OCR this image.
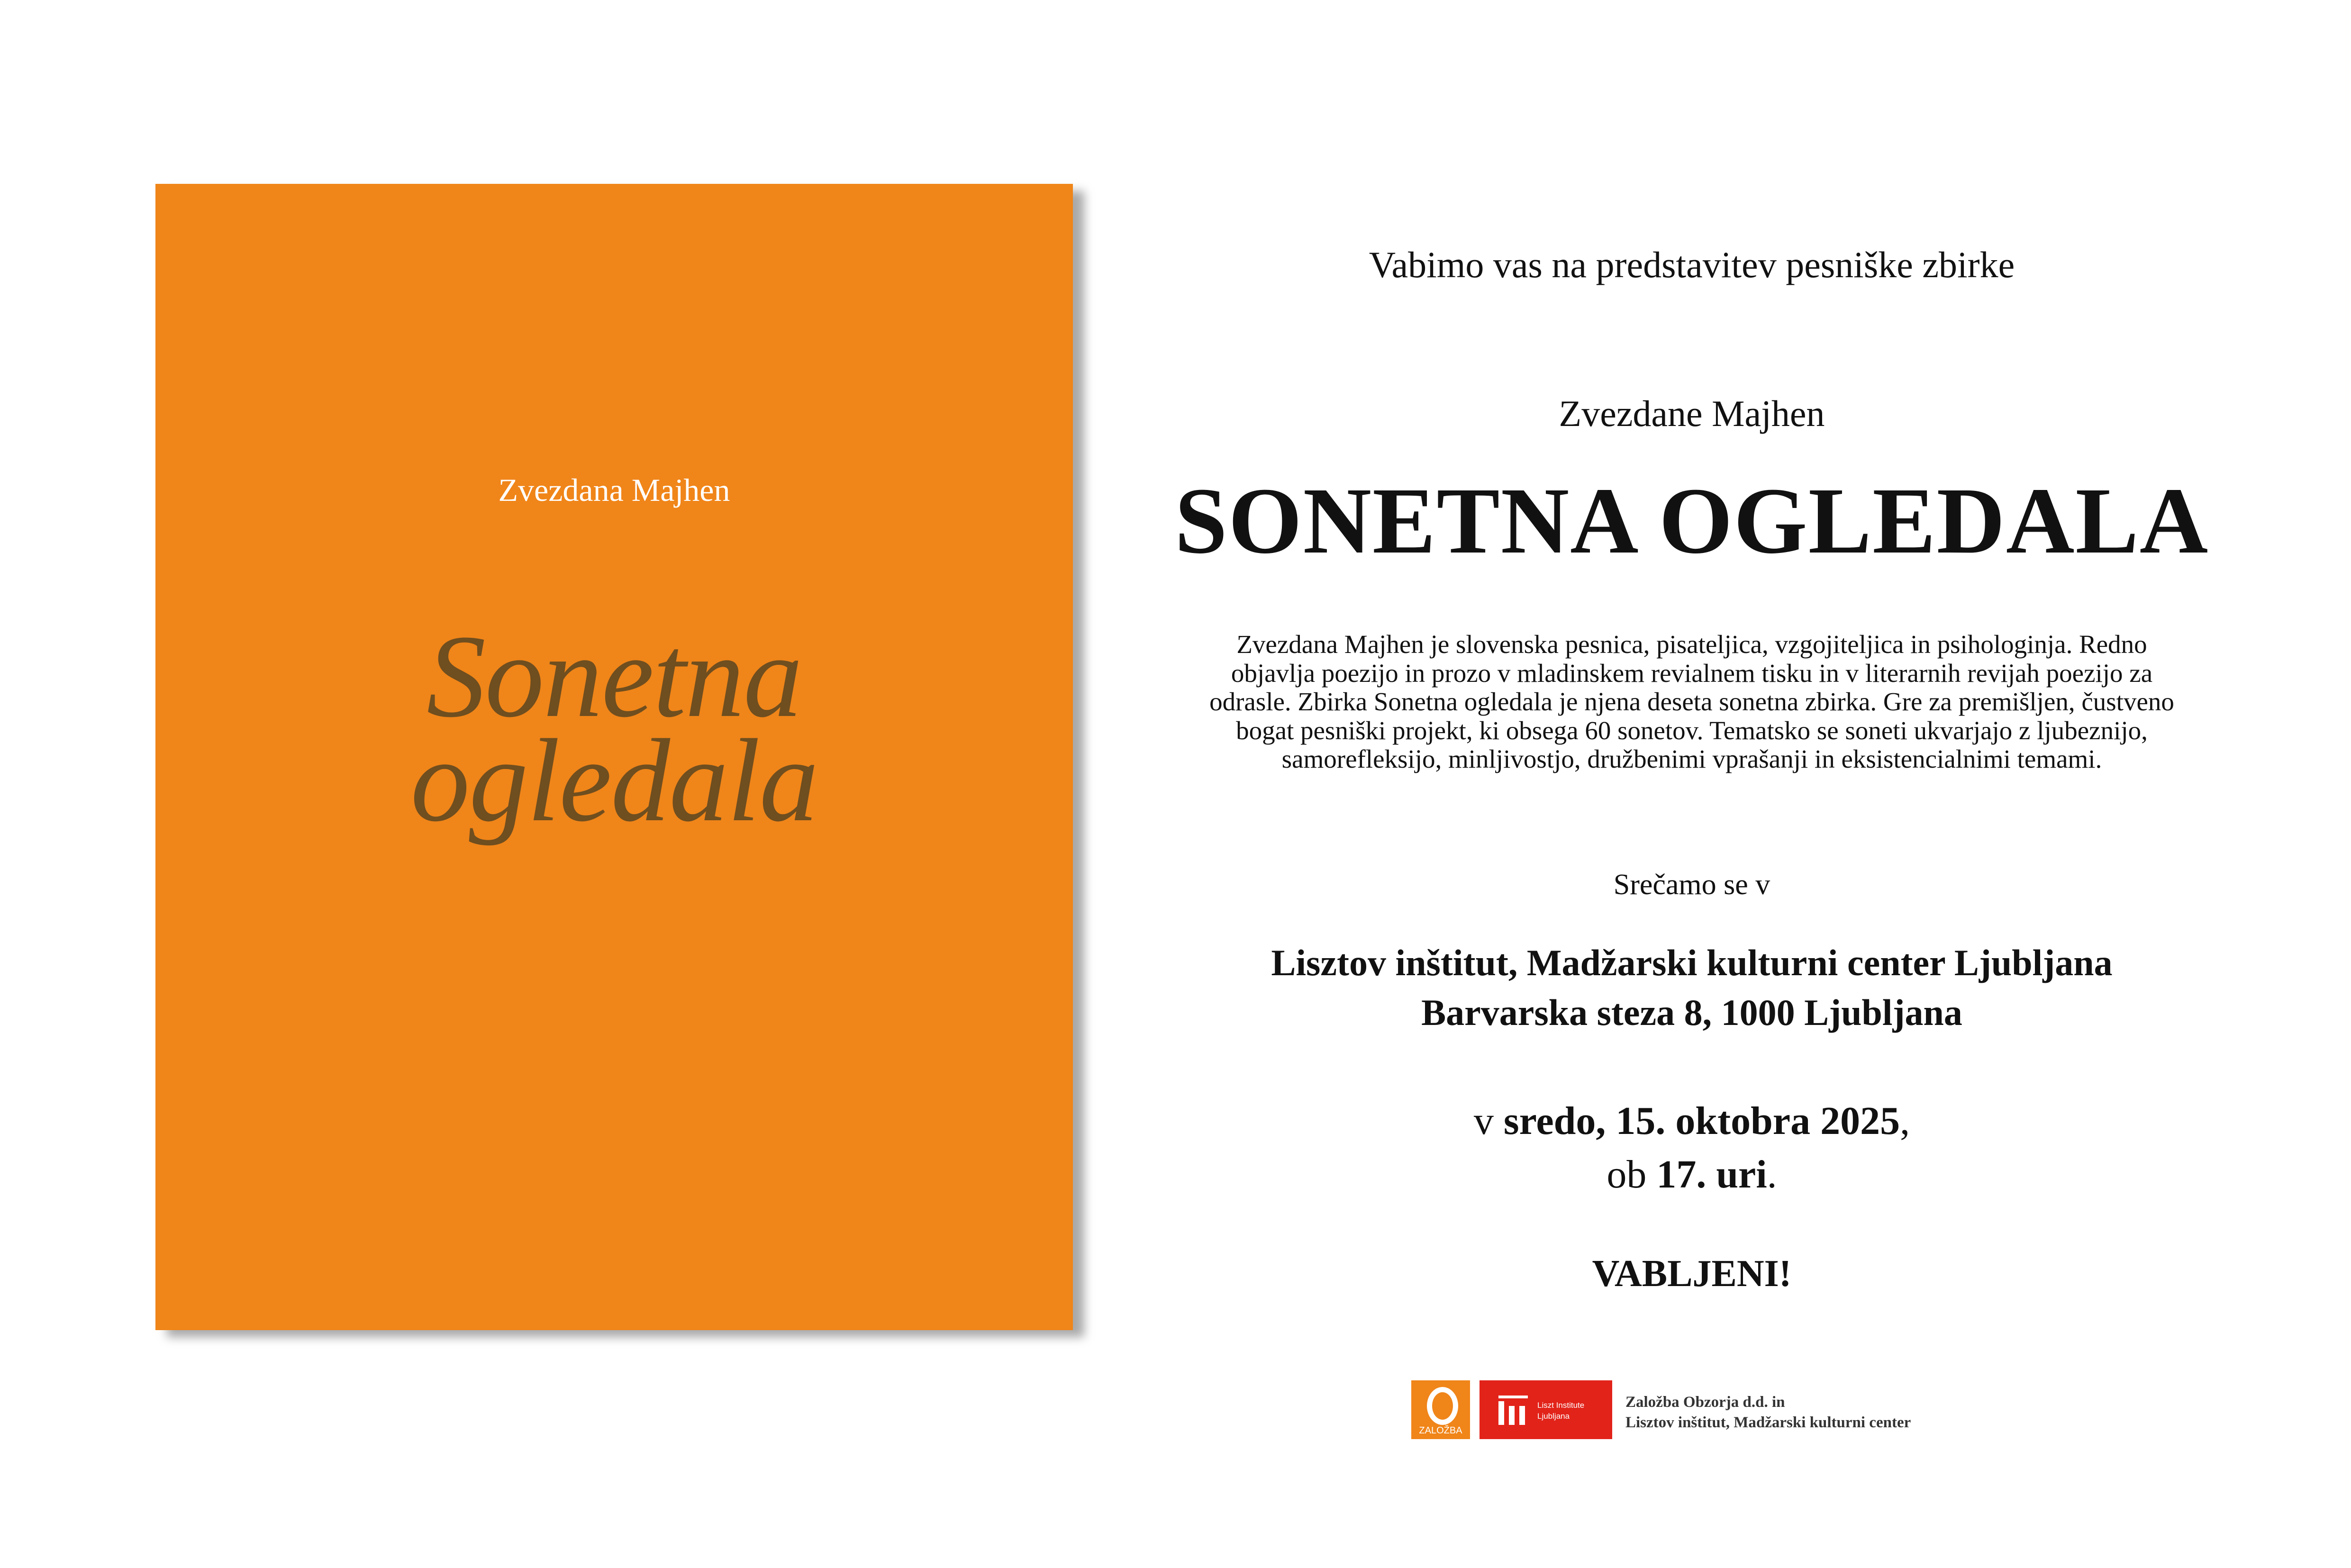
Zvezdana Majhen
Sonetna
ogledala
Vabimo vas na predstavitev pesniške zbirke
Zvezdane Majhen
SONETNA OGLEDALA
Zvezdana Majhen je slovenska pesnica, pisateljica, vzgojiteljica in psihologinja. Redno objavlja poezijo in prozo v mladinskem revialnem tisku in v literarnih revijah poezijo za odrasle. Zbirka Sonetna ogledala je njena deseta sonetna zbirka. Gre za premišljen, čustveno bogat pesniški projekt, ki obsega 60 sonetov. Tematsko se soneti ukvarjajo z ljubeznijo, samorefleksijo, minljivostjo, družbenimi vprašanji in eksistencialnimi temami.
Srečamo se v
Lisztov inštitut, Madžarski kulturni center Ljubljana
Barvarska steza 8, 1000 Ljubljana
v sredo, 15. oktobra 2025,
ob 17. uri.
VABLJENI!
ZALOŽBA
Liszt Institute
Ljubljana
Založba Obzorja d.d. in
Lisztov inštitut, Madžarski kulturni center
